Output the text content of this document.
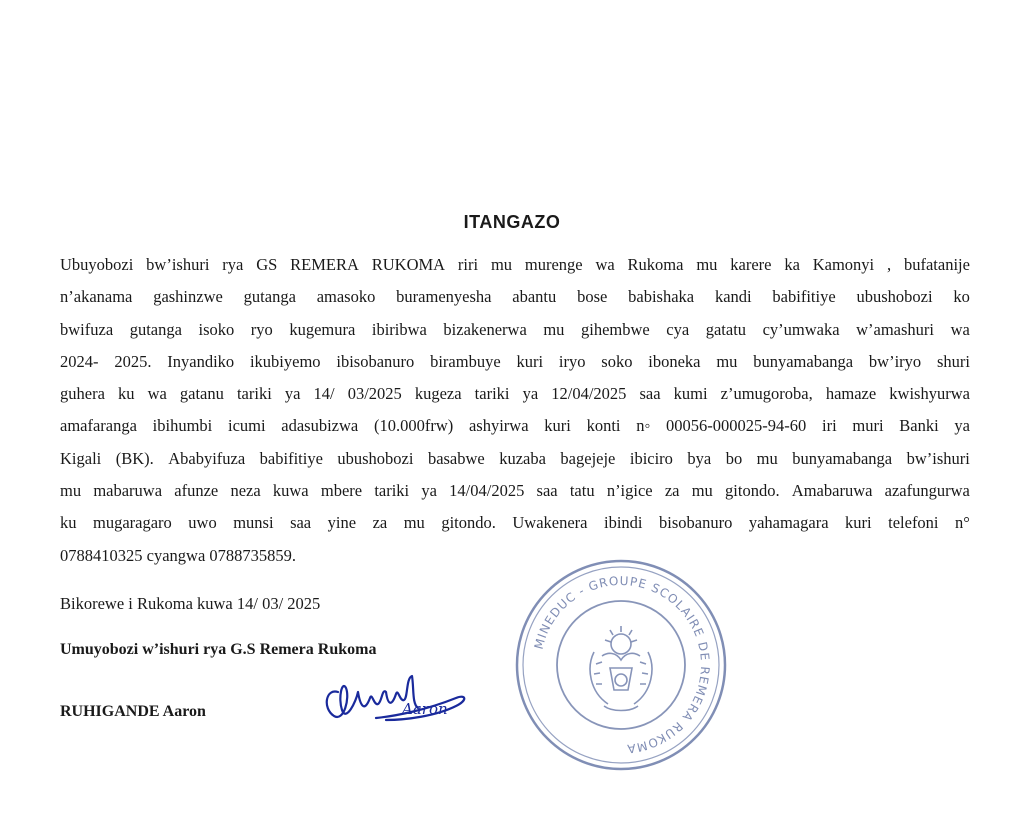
ITANGAZO
Ubuyobozi bw’ishuri rya GS REMERA RUKOMA riri mu murenge wa Rukoma mu karere ka Kamonyi , bufatanije
n’akanama gashinzwe gutanga amasoko buramenyesha abantu bose babishaka kandi babifitiye ubushobozi ko
bwifuza gutanga isoko ryo kugemura ibiribwa bizakenerwa mu gihembwe cya gatatu cy’umwaka w’amashuri wa
2024- 2025. Inyandiko ikubiyemo ibisobanuro birambuye kuri iryo soko iboneka mu bunyamabanga bw’iryo shuri
guhera ku wa gatanu tariki ya 14/ 03/2025 kugeza tariki ya 12/04/2025 saa kumi z’umugoroba, hamaze kwishyurwa
amafaranga ibihumbi icumi adasubizwa (10.000frw) ashyirwa kuri konti n◦ 00056-000025-94-60 iri muri Banki ya
Kigali (BK). Ababyifuza babifitiye ubushobozi basabwe kuzaba bagejeje ibiciro bya bo mu bunyamabanga bw’ishuri
mu mabaruwa afunze neza kuwa mbere tariki ya 14/04/2025 saa tatu n’igice za mu gitondo. Amabaruwa azafungurwa
ku mugaragaro uwo munsi saa yine za mu gitondo. Uwakenera ibindi bisobanuro yahamagara kuri telefoni n°
0788410325 cyangwa 0788735859.
Bikorewe i Rukoma kuwa 14/ 03/ 2025
Umuyobozi w’ishuri rya G.S Remera Rukoma
Aaron
RUHIGANDE Aaron
MINEDUC - GROUPE SCOLAIRE DE REMERA RUKOMA
